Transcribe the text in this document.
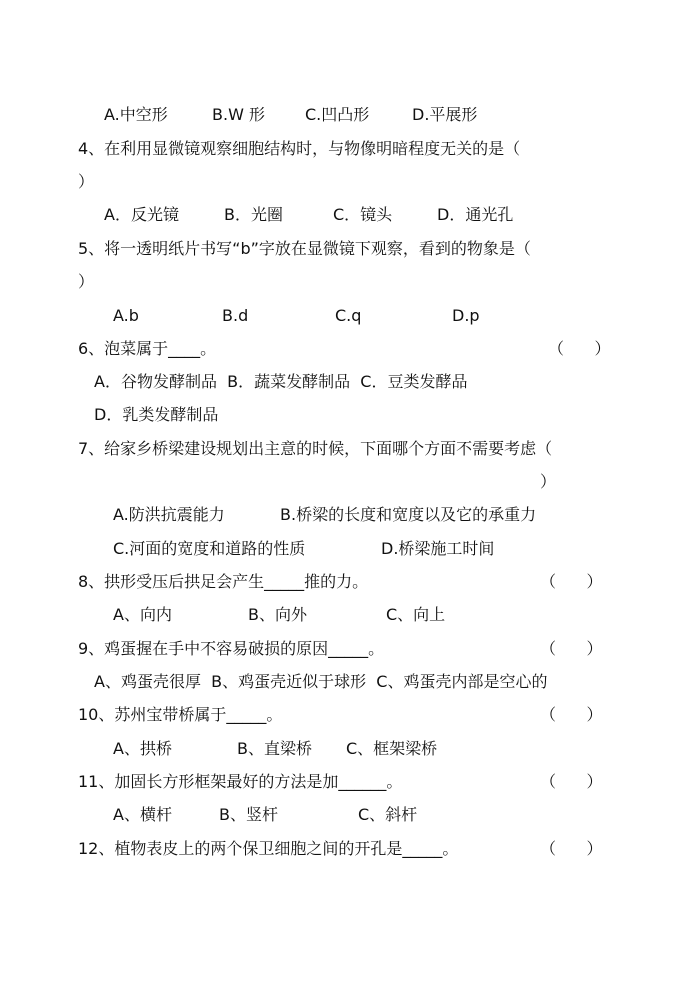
A.中空形	B.W 形	C.凹凸形	D.平展形
4、在利用显微镜观察细胞结构时，与物像明暗程度无关的是（
）
A．反光镜	B．光圈	C．镜头	D．通光孔
5、将一透明纸片书写“b”字放在显微镜下观察，看到的物象是（
）
A.b	B.d	C.q	D.p
6、泡菜属于____。	（      ）
A．谷物发酵制品  B．蔬菜发酵制品  C．豆类发酵品
D．乳类发酵制品
7、给家乡桥梁建设规划出主意的时候，下面哪个方面不需要考虑（
）
A.防洪抗震能力	B.桥梁的长度和宽度以及它的承重力
C.河面的宽度和道路的性质	D.桥梁施工时间
8、拱形受压后拱足会产生_____推的力。	（      ）
A、向内	B、向外	C、向上
9、鸡蛋握在手中不容易破损的原因_____。	（      ）
A、鸡蛋壳很厚  B、鸡蛋壳近似于球形  C、鸡蛋壳内部是空心的
10、苏州宝带桥属于_____。	（      ）
A、拱桥	B、直梁桥 C、框架梁桥
11、加固长方形框架最好的方法是加______。	（      ）
A、横杆	B、竖杆	C、斜杆
12、植物表皮上的两个保卫细胞之间的开孔是_____。	（      ）
